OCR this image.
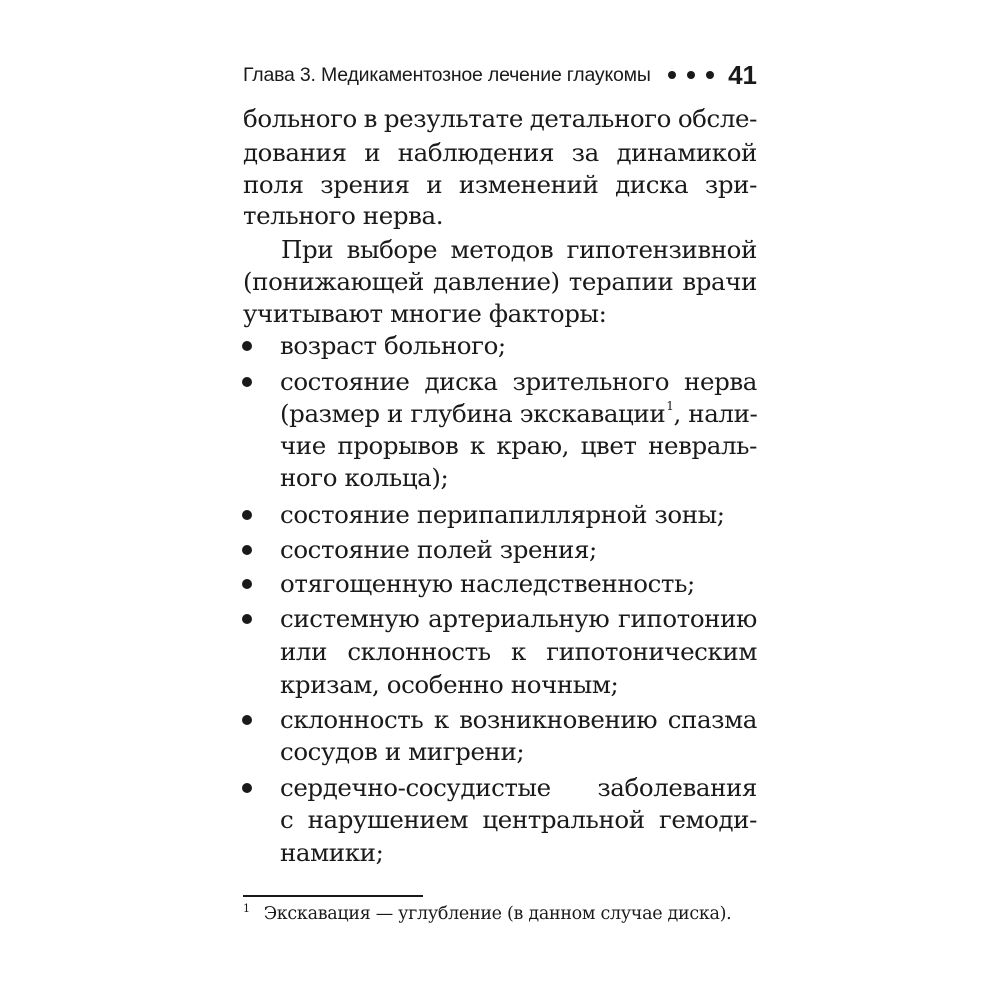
Глава 3. Медикаментозное лечение глаукомы	41
больного в результате детального обсле-
дования и наблюдения за динамикой
поля зрения и изменений диска зри-
тельного нерва.
При выборе методов гипотензивной
(понижающей давление) терапии врачи
учитывают многие факторы:
возраст больного;
состояние диска зрительного нерва
(размер и глубина экскавации$^1$, нали-
чие прорывов к краю, цвет невраль-
ного кольца);
состояние перипапиллярной зоны;
состояние полей зрения;
отягощенную наследственность;
системную артериальную гипотонию
или склонность к гипотоническим
кризам, особенно ночным;
склонность к возникновению спазма
сосудов и мигрени;
сердечно-сосудистые заболевания
с нарушением центральной гемоди-
намики;
$^1$ Экскавация — углубление (в данном случае диска).
